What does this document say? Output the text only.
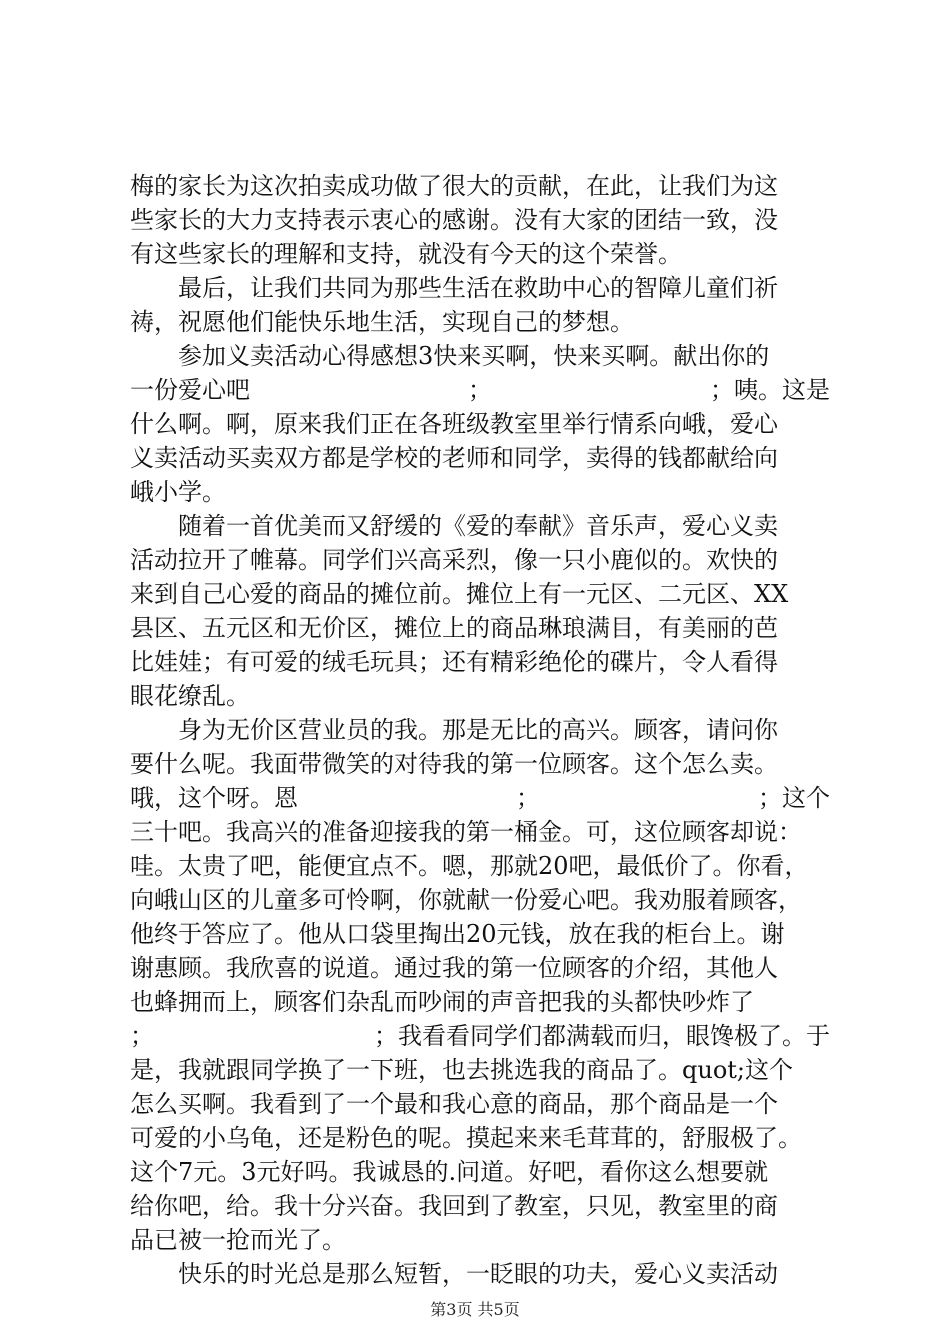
梅的家长为这次拍卖成功做了很大的贡献，在此，让我们为这
些家长的大力支持表示衷心的感谢。没有大家的团结一致，没
有这些家长的理解和支持，就没有今天的这个荣誉。
最后，让我们共同为那些生活在救助中心的智障儿童们祈
祷，祝愿他们能快乐地生活，实现自己的梦想。
参加义卖活动心得感想3快来买啊，快来买啊。献出你的
一份爱心吧	；	；咦。这是
什么啊。啊，原来我们正在各班级教室里举行情系向峨，爱心
义卖活动买卖双方都是学校的老师和同学，卖得的钱都献给向
峨小学。
随着一首优美而又舒缓的《爱的奉献》音乐声，爱心义卖
活动拉开了帷幕。同学们兴高采烈，像一只小鹿似的。欢快的
来到自己心爱的商品的摊位前。摊位上有一元区、二元区、XX
县区、五元区和无价区，摊位上的商品琳琅满目，有美丽的芭
比娃娃；有可爱的绒毛玩具；还有精彩绝伦的碟片，令人看得
眼花缭乱。
身为无价区营业员的我。那是无比的高兴。顾客，请问你
要什么呢。我面带微笑的对待我的第一位顾客。这个怎么卖。
哦，这个呀。恩	；	；这个
三十吧。我高兴的准备迎接我的第一桶金。可，这位顾客却说：
哇。太贵了吧，能便宜点不。嗯，那就20吧，最低价了。你看，
向峨山区的儿童多可怜啊，你就献一份爱心吧。我劝服着顾客，
他终于答应了。他从口袋里掏出20元钱，放在我的柜台上。谢
谢惠顾。我欣喜的说道。通过我的第一位顾客的介绍，其他人
也蜂拥而上，顾客们杂乱而吵闹的声音把我的头都快吵炸了
；	；我看看同学们都满载而归，眼馋极了。于
是，我就跟同学换了一下班，也去挑选我的商品了。quot;这个
怎么买啊。我看到了一个最和我心意的商品，那个商品是一个
可爱的小乌龟，还是粉色的呢。摸起来来毛茸茸的，舒服极了。
这个7元。3元好吗。我诚恳的.问道。好吧，看你这么想要就
给你吧，给。我十分兴奋。我回到了教室，只见，教室里的商
品已被一抢而光了。
快乐的时光总是那么短暂，一眨眼的功夫，爱心义卖活动
第3页 共5页
